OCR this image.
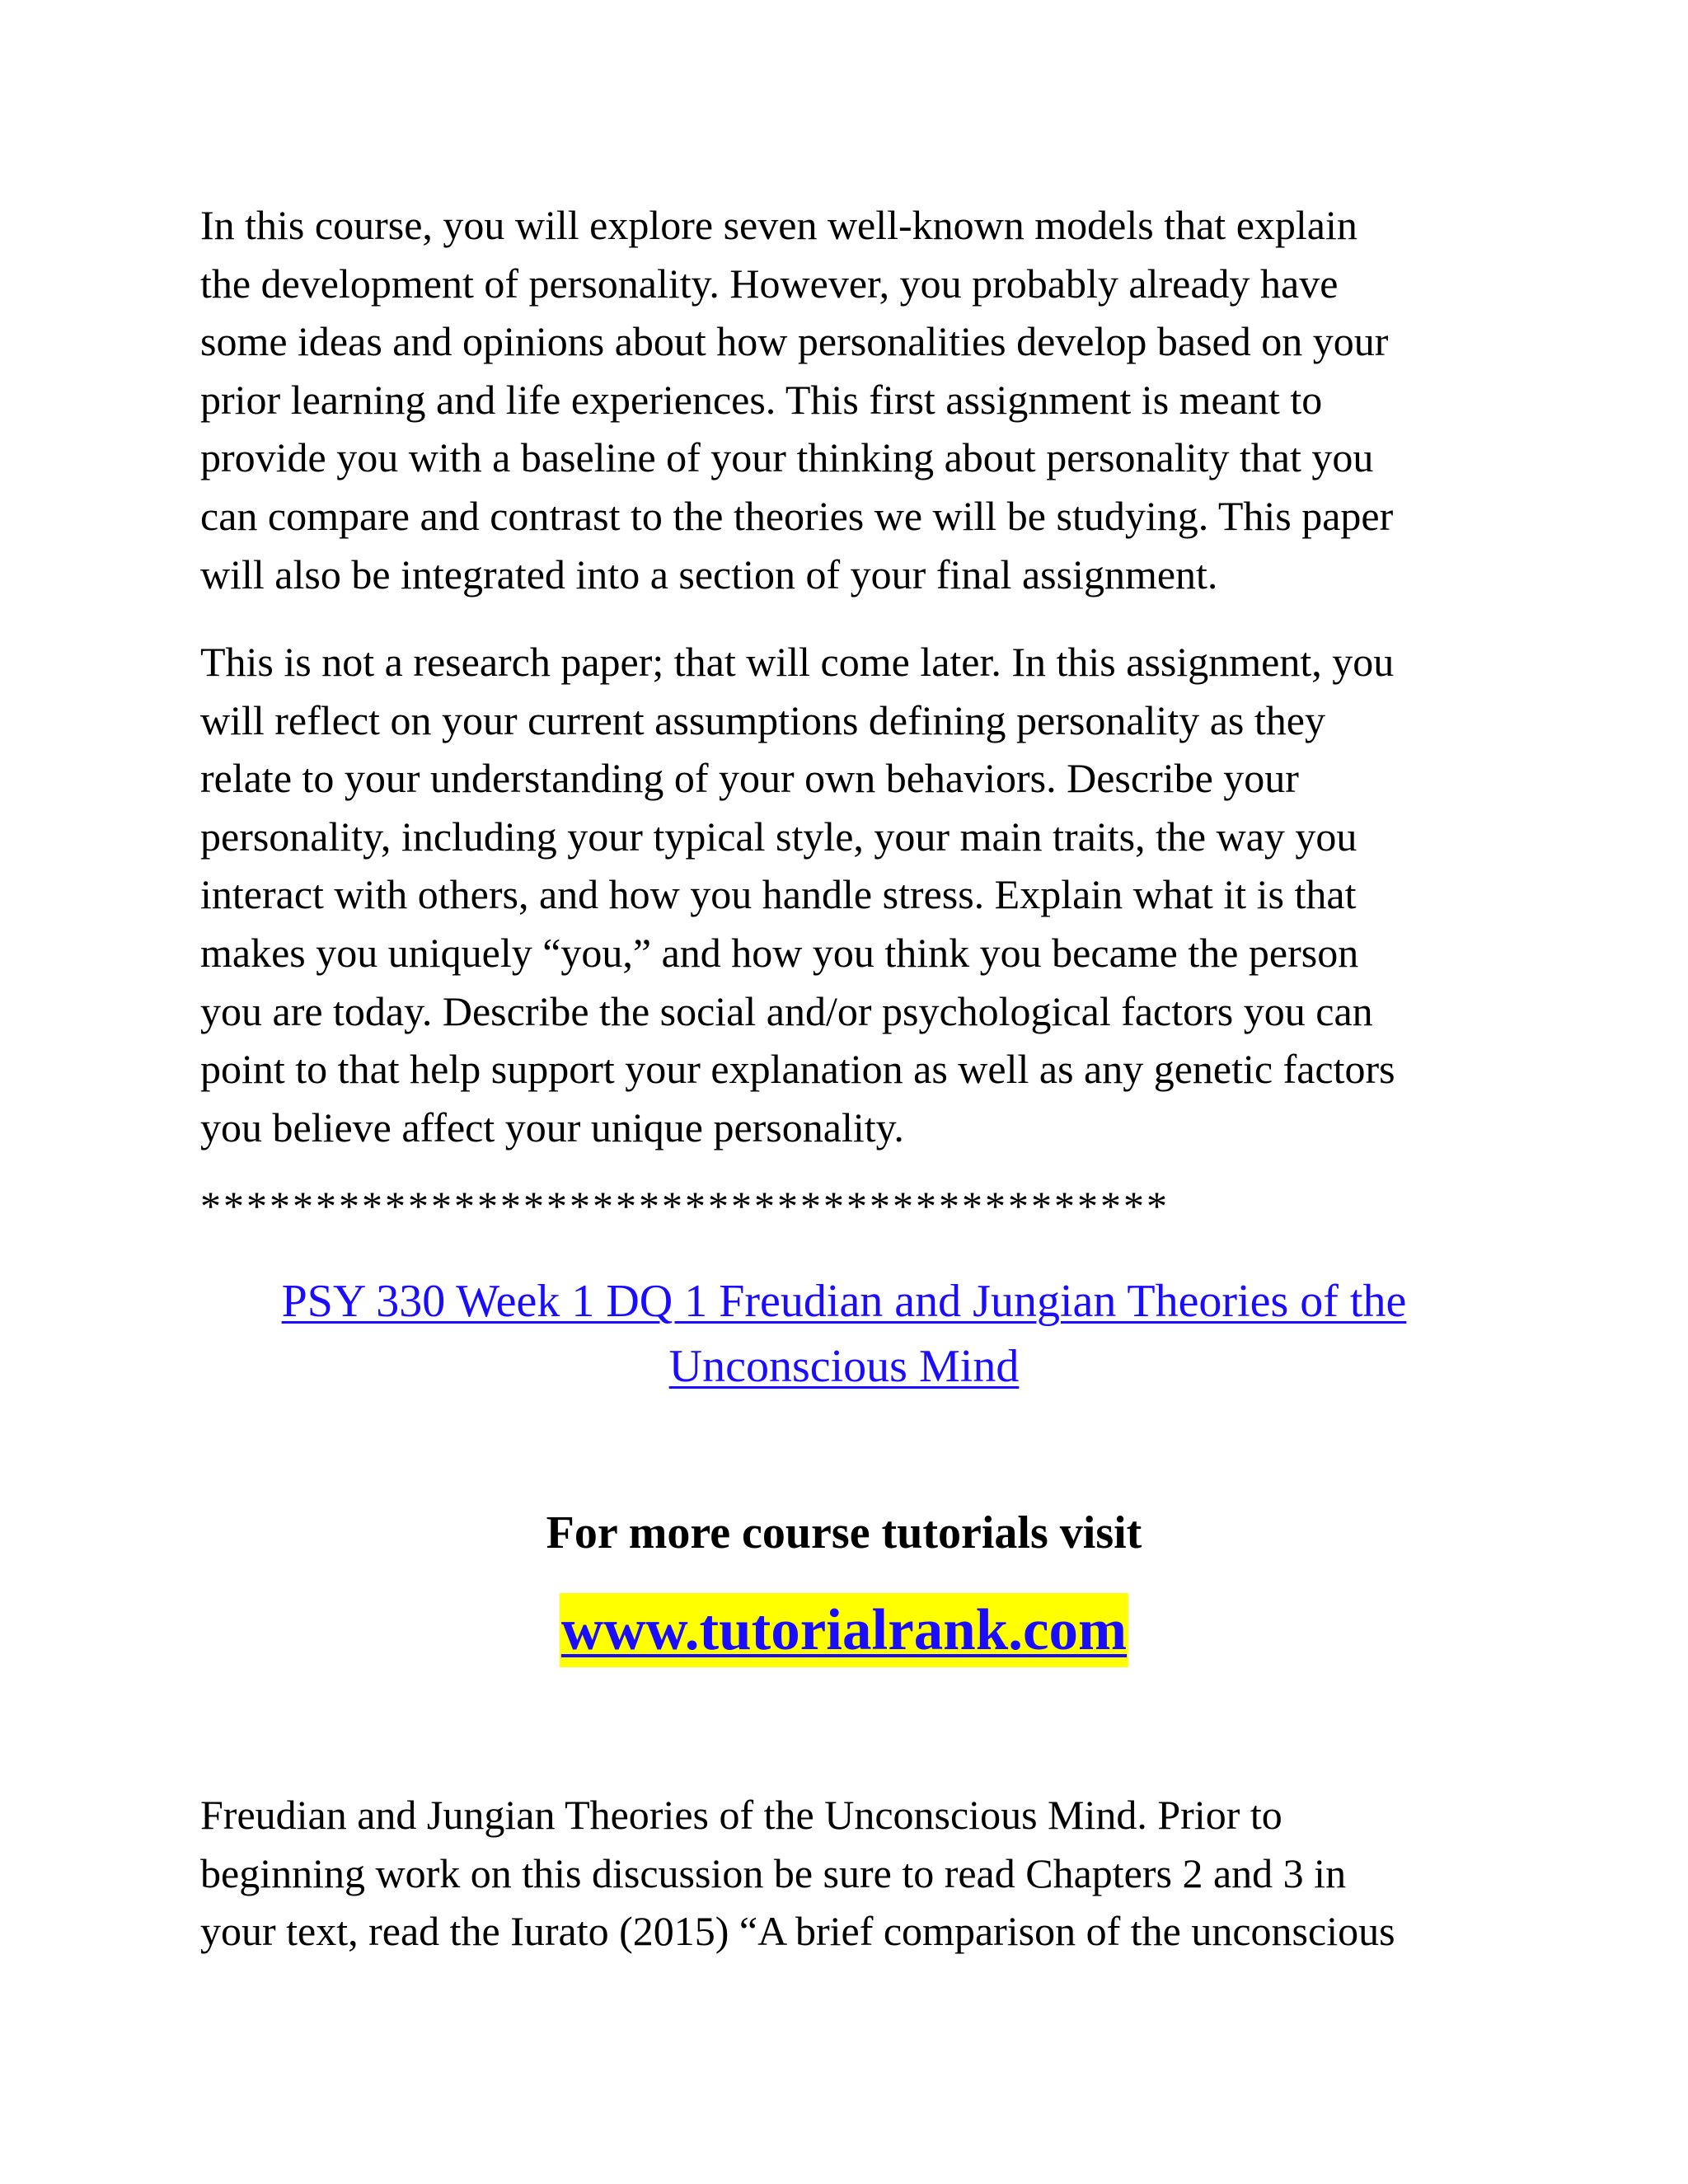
In this course, you will explore seven well-known models that explain
the development of personality. However, you probably already have
some ideas and opinions about how personalities develop based on your
prior learning and life experiences. This first assignment is meant to
provide you with a baseline of your thinking about personality that you
can compare and contrast to the theories we will be studying. This paper
will also be integrated into a section of your final assignment.

This is not a research paper; that will come later. In this assignment, you
will reflect on your current assumptions defining personality as they
relate to your understanding of your own behaviors. Describe your
personality, including your typical style, your main traits, the way you
interact with others, and how you handle stress. Explain what it is that
makes you uniquely “you,” and how you think you became the person
you are today. Describe the social and/or psychological factors you can
point to that help support your explanation as well as any genetic factors
you believe affect your unique personality.

******************************************

PSY 330 Week 1 DQ 1 Freudian and Jungian Theories of the
Unconscious Mind

For more course tutorials visit

www.tutorialrank.com

Freudian and Jungian Theories of the Unconscious Mind. Prior to
beginning work on this discussion be sure to read Chapters 2 and 3 in
your text, read the Iurato (2015) “A brief comparison of the unconscious
